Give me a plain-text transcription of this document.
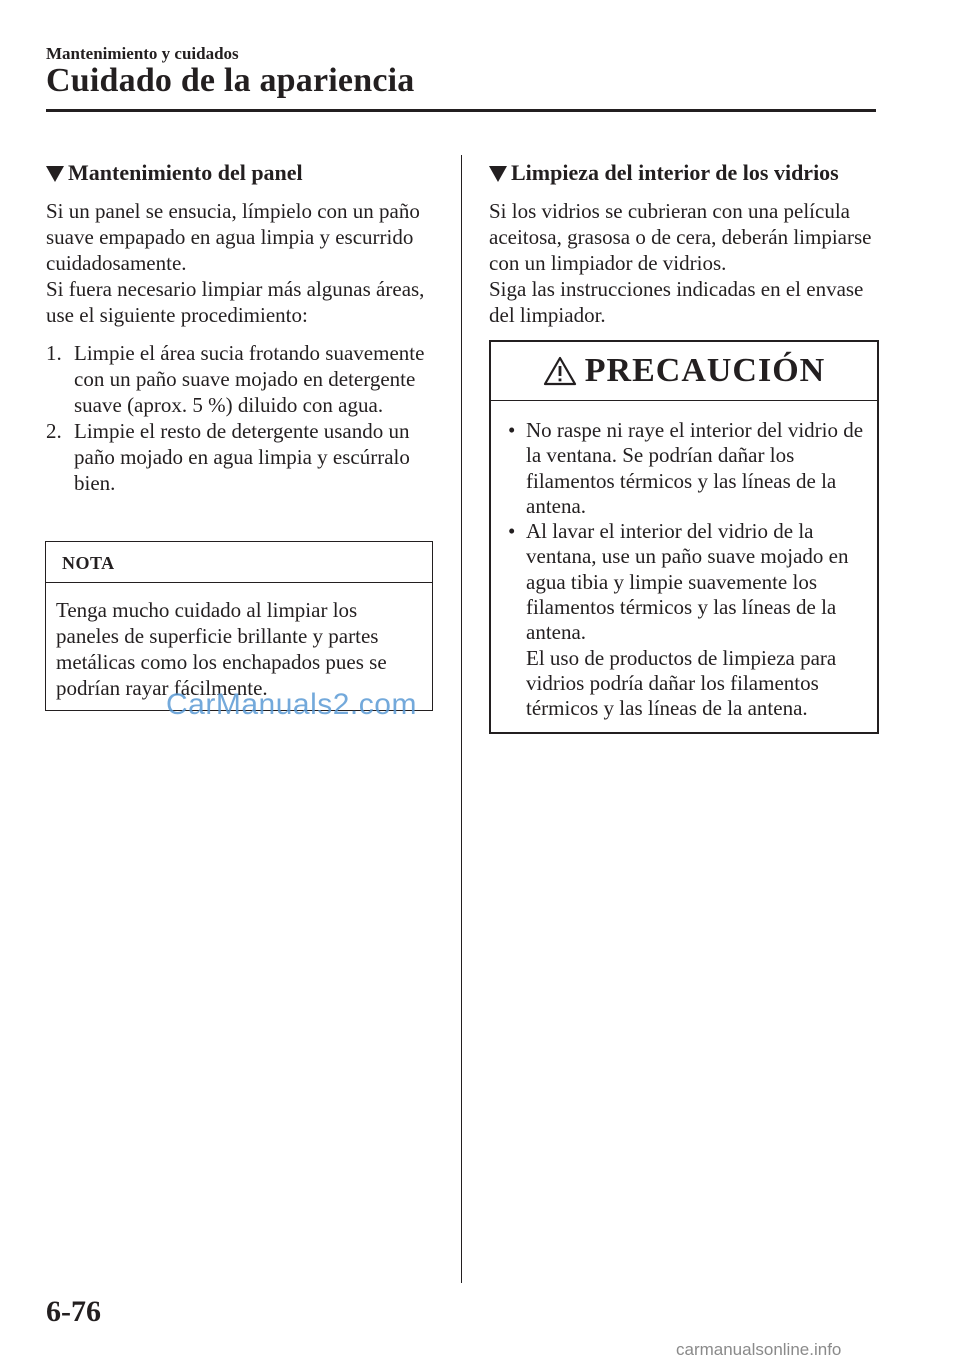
Mantenimiento y cuidados
Cuidado de la apariencia
Mantenimiento del panel

Si un panel se ensucia, límpielo con un paño suave empapado en agua limpia y escurrido cuidadosamente.

Si fuera necesario limpiar más algunas áreas, use el siguiente procedimiento:

1. Limpie el área sucia frotando suavemente con un paño suave mojado en detergente suave (aprox. 5 %) diluido con agua.
2. Limpie el resto de detergente usando un paño mojado en agua limpia y escúrralo bien.
NOTA
Tenga mucho cuidado al limpiar los paneles de superficie brillante y partes metálicas como los enchapados pues se podrían rayar fácilmente.
Limpieza del interior de los vidrios

Si los vidrios se cubrieran con una película aceitosa, grasosa o de cera, deberán limpiarse con un limpiador de vidrios.

Siga las instrucciones indicadas en el envase del limpiador.

PRECAUCIÓN
• No raspe ni raye el interior del vidrio de la ventana. Se podrían dañar los filamentos térmicos y las líneas de la antena.
• Al lavar el interior del vidrio de la ventana, use un paño suave mojado en agua tibia y limpie suavemente los filamentos térmicos y las líneas de la antena.
El uso de productos de limpieza para vidrios podría dañar los filamentos térmicos y las líneas de la antena.
CarManuals2.com
6-76
carmanualsonline.info
